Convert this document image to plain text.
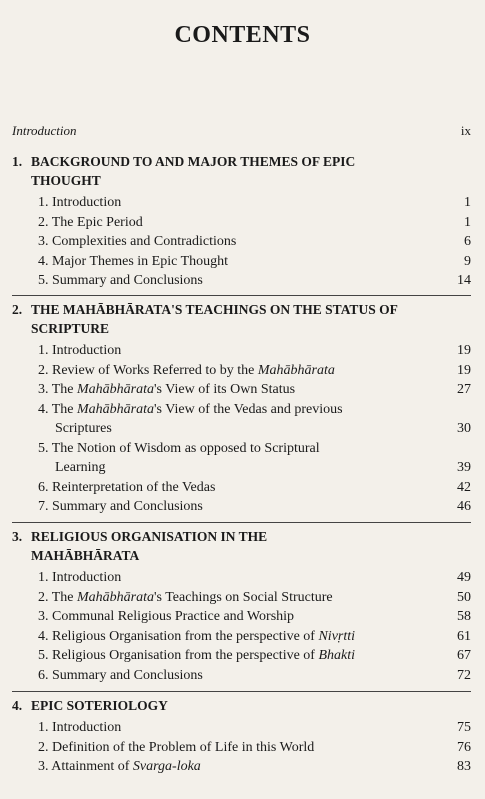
CONTENTS
Introduction	ix
1. BACKGROUND TO AND MAJOR THEMES OF EPIC THOUGHT
1. Introduction	1
2. The Epic Period	1
3. Complexities and Contradictions	6
4. Major Themes in Epic Thought	9
5. Summary and Conclusions	14
2. THE MAHĀBHĀRATA'S TEACHINGS ON THE STATUS OF SCRIPTURE
1. Introduction	19
2. Review of Works Referred to by the Mahābhārata	19
3. The Mahābhārata's View of its Own Status	27
4. The Mahābhārata's View of the Vedas and previous
Scriptures	30
5. The Notion of Wisdom as opposed to Scriptural
Learning	39
6. Reinterpretation of the Vedas	42
7. Summary and Conclusions	46
3. RELIGIOUS ORGANISATION IN THE MAHĀBHĀRATA
1. Introduction	49
2. The Mahābhārata's Teachings on Social Structure	50
3. Communal Religious Practice and Worship	58
4. Religious Organisation from the perspective of Nivṛtti	61
5. Religious Organisation from the perspective of Bhakti	67
6. Summary and Conclusions	72
4. EPIC SOTERIOLOGY
1. Introduction	75
2. Definition of the Problem of Life in this World	76
3. Attainment of Svarga-loka	83
